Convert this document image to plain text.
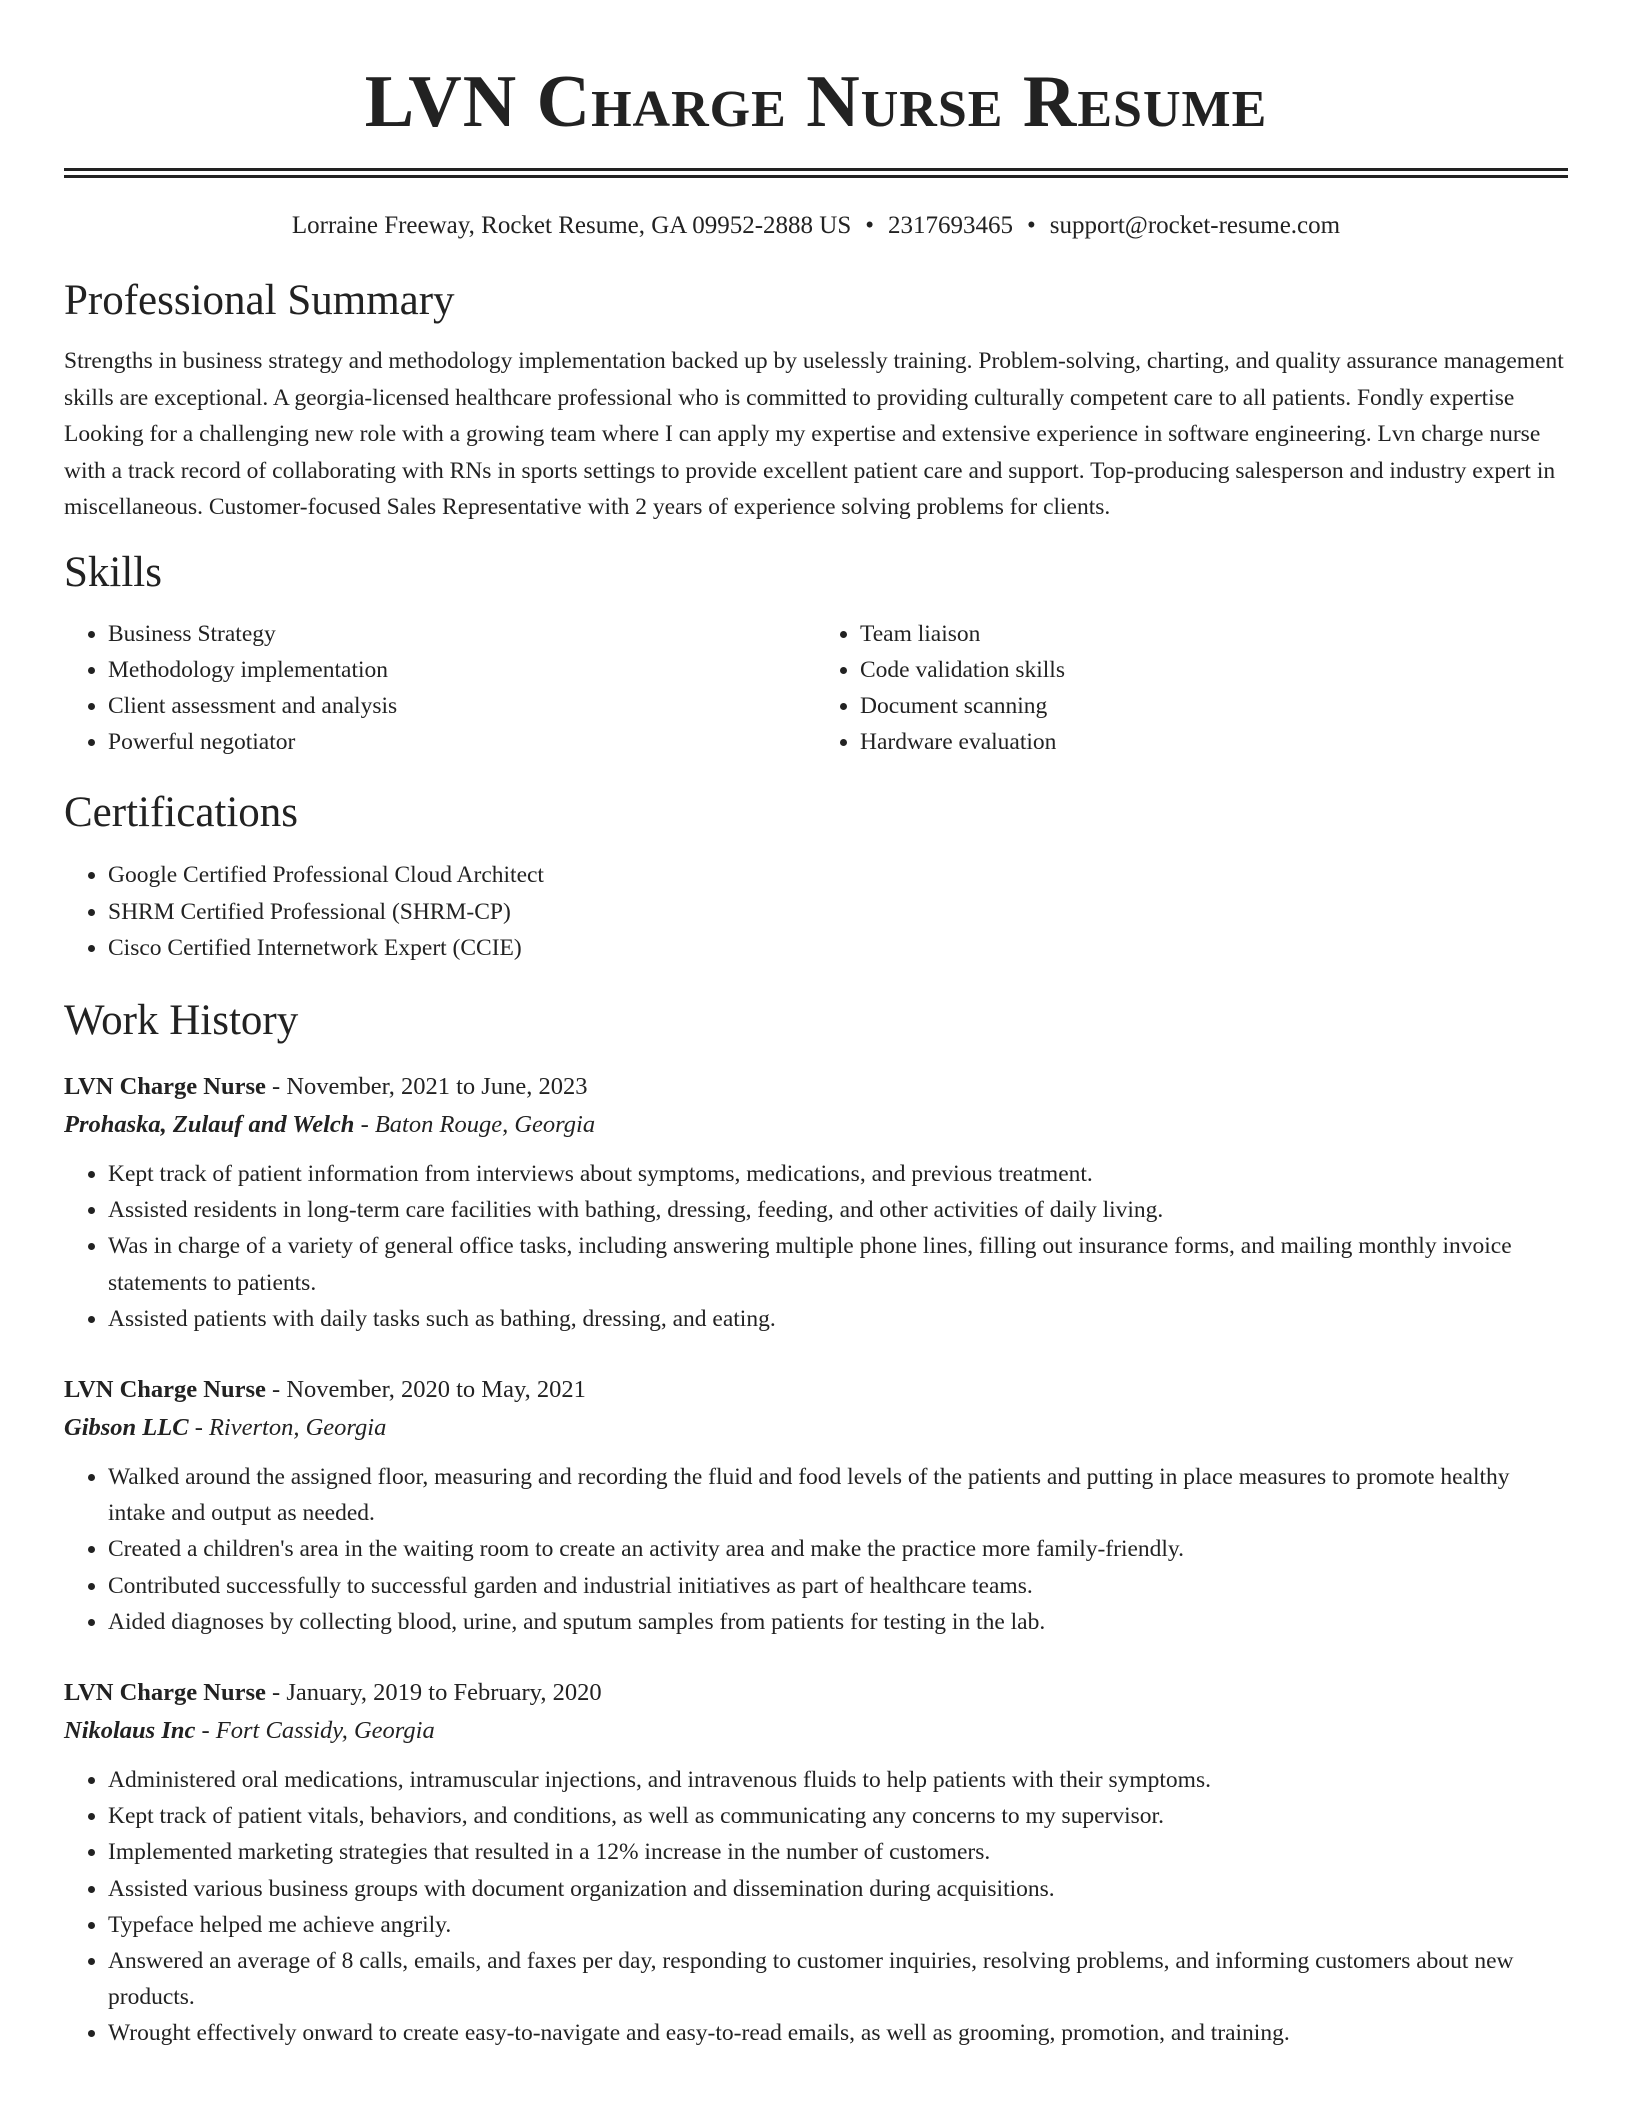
LVN Charge Nurse Resume
Lorraine Freeway, Rocket Resume, GA 09952-2888 US • 2317693465 • support@rocket-resume.com
Professional Summary
Strengths in business strategy and methodology implementation backed up by uselessly training. Problem-solving, charting, and quality assurance management skills are exceptional. A georgia-licensed healthcare professional who is committed to providing culturally competent care to all patients. Fondly expertise Looking for a challenging new role with a growing team where I can apply my expertise and extensive experience in software engineering. Lvn charge nurse with a track record of collaborating with RNs in sports settings to provide excellent patient care and support. Top-producing salesperson and industry expert in miscellaneous. Customer-focused Sales Representative with 2 years of experience solving problems for clients.
Skills
• Business Strategy
• Methodology implementation
• Client assessment and analysis
• Powerful negotiator
• Team liaison
• Code validation skills
• Document scanning
• Hardware evaluation
Certifications
• Google Certified Professional Cloud Architect
• SHRM Certified Professional (SHRM-CP)
• Cisco Certified Internetwork Expert (CCIE)
Work History
LVN Charge Nurse - November, 2021 to June, 2023
Prohaska, Zulauf and Welch - Baton Rouge, Georgia
• Kept track of patient information from interviews about symptoms, medications, and previous treatment.
• Assisted residents in long-term care facilities with bathing, dressing, feeding, and other activities of daily living.
• Was in charge of a variety of general office tasks, including answering multiple phone lines, filling out insurance forms, and mailing monthly invoice statements to patients.
• Assisted patients with daily tasks such as bathing, dressing, and eating.
LVN Charge Nurse - November, 2020 to May, 2021
Gibson LLC - Riverton, Georgia
• Walked around the assigned floor, measuring and recording the fluid and food levels of the patients and putting in place measures to promote healthy intake and output as needed.
• Created a children's area in the waiting room to create an activity area and make the practice more family-friendly.
• Contributed successfully to successful garden and industrial initiatives as part of healthcare teams.
• Aided diagnoses by collecting blood, urine, and sputum samples from patients for testing in the lab.
LVN Charge Nurse - January, 2019 to February, 2020
Nikolaus Inc - Fort Cassidy, Georgia
• Administered oral medications, intramuscular injections, and intravenous fluids to help patients with their symptoms.
• Kept track of patient vitals, behaviors, and conditions, as well as communicating any concerns to my supervisor.
• Implemented marketing strategies that resulted in a 12% increase in the number of customers.
• Assisted various business groups with document organization and dissemination during acquisitions.
• Typeface helped me achieve angrily.
• Answered an average of 8 calls, emails, and faxes per day, responding to customer inquiries, resolving problems, and informing customers about new products.
• Wrought effectively onward to create easy-to-navigate and easy-to-read emails, as well as grooming, promotion, and training.
